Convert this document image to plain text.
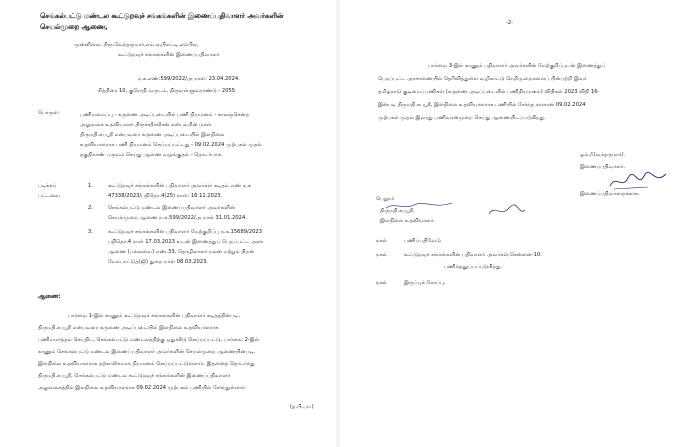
செங்கல்பட்டு மண்டல கூட்டுறவுச் சங்கங்களின் இணைப்பதிவாளர் அவர்களின்
செயல்முறை ஆணை,
முன்னிலை: திரு.வேந்தருமார்,எம்.ஏ,பிஎட்டி,எம்பிஏ,
கூட்டுறவுச் சங்கங்களின் இணைப்பதிவாளர்
ந.க.எண்:599/2022/அ நாள்: 23.04.2024.
சித்திரை 10, குரோதி வருடம், திருவள்ளுவராண்டு - 2055
பொருள்:	பணியமைப்பு - கருணை அடிப்படையில் பணி நியமனம் - காலஞ்சென்ற
அலுவலக உதவியாளர் திருச்சதீர்வீசன் என்பவரின் மகள்
திருமதி.சுபஸ்ரீ என்பவரை கருணை அடிப்படையில் இளநிலை
உதவியாளராக பணி நியமனம் செய்யப்பட்டது - 09.02.2024 முற்பகல் முதல்
தகுதிகாண் பருவம் செய்து ஆணை வழங்குதல் - தொடர்பாக.
படிக்கப்
பட்டவை
1.	கூட்டுறவுச் சங்கங்களின் பதிவாளர் அவர்கள் கடிதம் எண் ந.க
47338/2023/பநிதொ.4(25) நாள்: 16.11.2023.
2.	செங்கல்பட்டு மண்டல இணைப்பதிவாளர் அவர்களின்
செயல்முறை ஆணை ந.க.599/2022/அ நாள் 31.01.2024.
3.	கூட்டுறவுச் சங்கங்களின் பதிவாளர் மேற்குறிப்பு ந.க.15689/2023
பநிதொ.4 நாள் 17.03.2023 உடன் இணைத்துப் பெறப்பட்ட அரசு
ஆணை (பல்லவை) எண்.33, தொழிலாளர் நலன் மற்றும் திறன்
மேம்பாட்டுத்(ஜி) துறை நாள் 08.03.2023.
ஆணை:
பார்வை 1-இல் காணும் கூட்டுறவுச் சங்கங்களின் பதிவாளர் கடிதத்தின்படி,
திருமதி.சுபஸ்ரீ என்பவரை கருணை அடிப்படையில் இளநிலை உதவியாளராக
பணியமர்த்தம் செய்திட, செங்கல்பட்டு மண்டலத்திற்கு ஒதுக்கீடு செய்யப்பட்டு, பார்வை 2-இல்
காணும் செங்கல்பட்டு மண்டல இணைப்பதிவாளர் அவர்களின் செயல்முறை ஆணையின்படி,
இளநிலை உதவியாளராக தற்காலிகமாக நியமனம் செய்யப்பட்டுள்ளார். இதனைத் தொடர்ந்து
திருமதி.சுபஸ்ரீ, செங்கல்பட்டு மண்டல கூட்டுறவுச் சங்கங்களின் இணைப்பதிவாளர்
அலுவலகத்தில் இளநிலை உதவியாளராக 09.02.2024 முற்பகல் பணியில் சேர்ந்துள்ளார்.
(த.பி.பா.)
-2-
பார்வை 3-இல் காணும் பதிவாளர் அவர்களின் மேற்குறிப்புடன் இணைத்துப்
பெறப்பட்ட அரசாணையில் தெரிவித்துள்ள வழிகாட்டு நெறிமுறைகளைப் பின்பற்றி இவர்
தமிழ்நாடு குடிமைப்பணிகள் (கருணை அடிப்படையில் பணிநியமனம்) விதிகள் 2023 விதி 16-
இன்படி திருமதி.சுபஸ்ரீ, இளநிலை உதவியாளராக பணியில் சேர்ந்த நாளான 09.02.2024
முற்பகல் முதல் இவரது பணிவரன்முறை செய்து ஆணையிடப்படுகிறது.
ஓம்./வேந்தருமார்/.
இணைப்பதிவாளர்.
இணைப்பதிவாளருக்காக.
பெறுநர்
திருமதி.சுபஸ்ரீ,
இளநிலை உதவியாளர்.
நகல்	பணிப்பதிவேடு
நகல்	கூட்டுறவுச் சங்கங்களின் பதிவாளர் அவர்கள்,சென்னை-10.
பணிந்தனுப்பப்படுகிறது.
நகல்	இருப்புக் கோப்பு.
